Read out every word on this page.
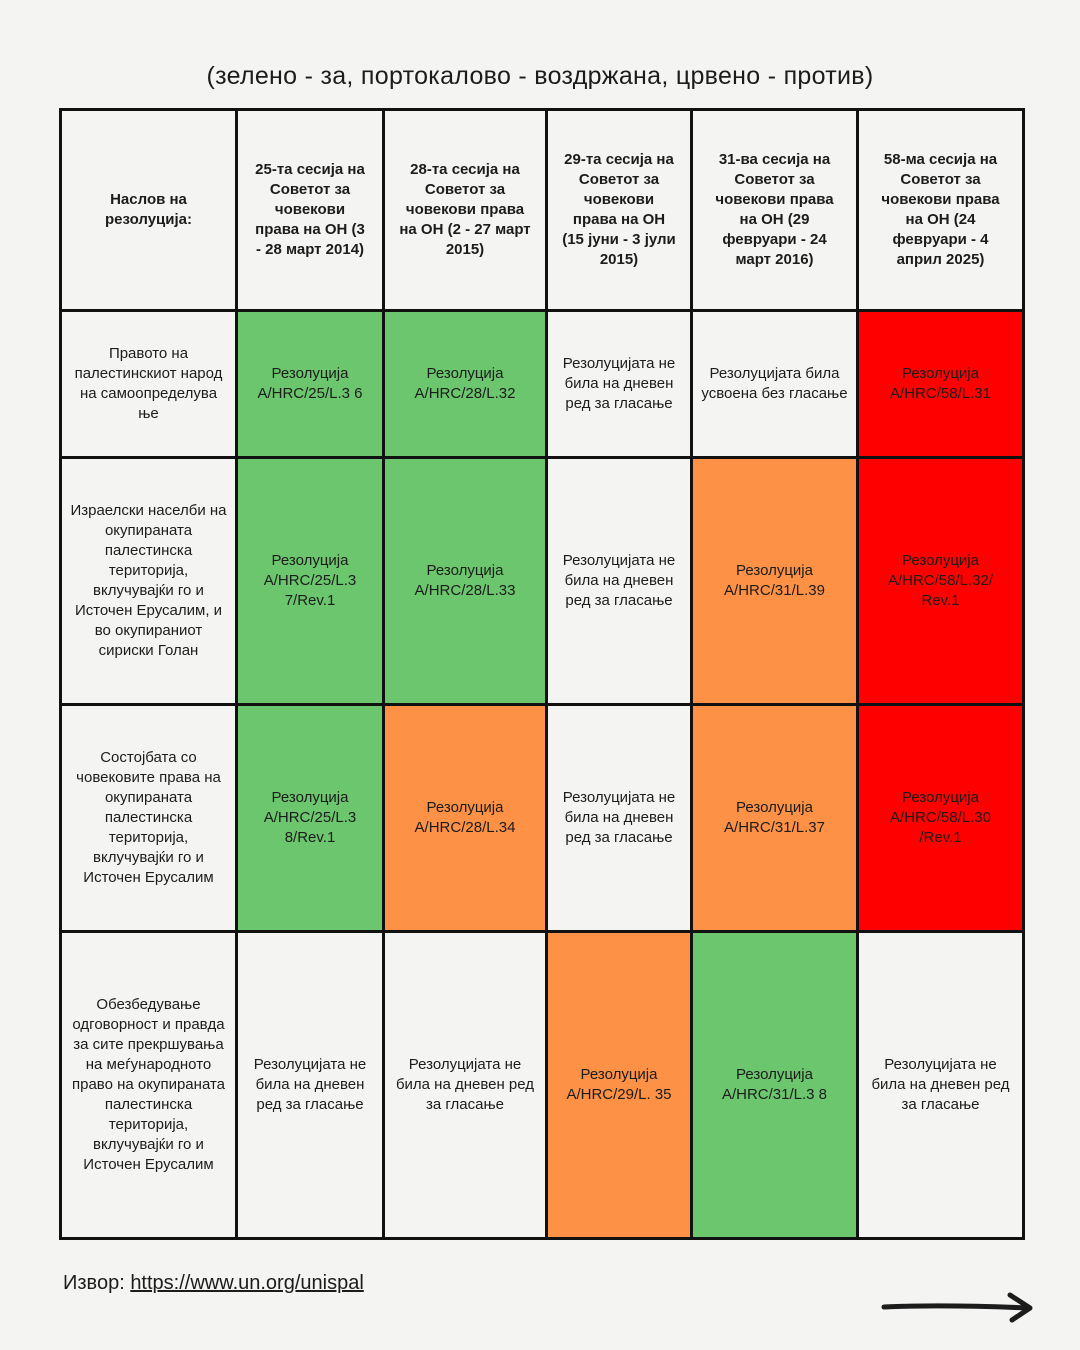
(зелено - за, портокалово - воздржана, црвено - против)
Наслов на резолуција:	25-та сесија на Советот за човекови права на ОН (3 - 28 март 2014)	28-та сесија на Советот за човекови права на ОН (2 - 27 март 2015)	29-та сесија на Советот за човекови права на ОН (15 јуни - 3 јули 2015)	31-ва сесија на Советот за човекови права на ОН (29 февруари - 24 март 2016)	58-ма сесија на Советот за човекови права на ОН (24 февруари - 4 април 2025)
Правото на палестинскиот народ на самоопределува ње	Резолуција A/HRC/25/L.3 6	Резолуција A/HRC/28/L.32	Резолуцијата не била на дневен ред за гласање	Резолуцијата била усвоена без гласање	Резолуција A/HRC/58/L.31
Израелски населби на окупираната палестинска територија, вклучувајќи го и Источен Ерусалим, и во окупираниот сириски Голан	Резолуција A/HRC/25/L.3 7/Rev.1	Резолуција A/HRC/28/L.33	Резолуцијата не била на дневен ред за гласање	Резолуција A/HRC/31/L.39	Резолуција A/HRC/58/L.32/ Rev.1
Состојбата со човековите права на окупираната палестинска територија, вклучувајќи го и Источен Ерусалим	Резолуција A/HRC/25/L.3 8/Rev.1	Резолуција A/HRC/28/L.34	Резолуцијата не била на дневен ред за гласање	Резолуција A/HRC/31/L.37	Резолуција A/HRC/58/L.30 /Rev.1
Обезбедување одговорност и правда за сите прекршувања на меѓународното право на окупираната палестинска територија, вклучувајќи го и Источен Ерусалим	Резолуцијата не била на дневен ред за гласање	Резолуцијата не била на дневен ред за гласање	Резолуција A/HRC/29/L. 35	Резолуција A/HRC/31/L.3 8	Резолуцијата не била на дневен ред за гласање
Извор: https://www.un.org/unispal
